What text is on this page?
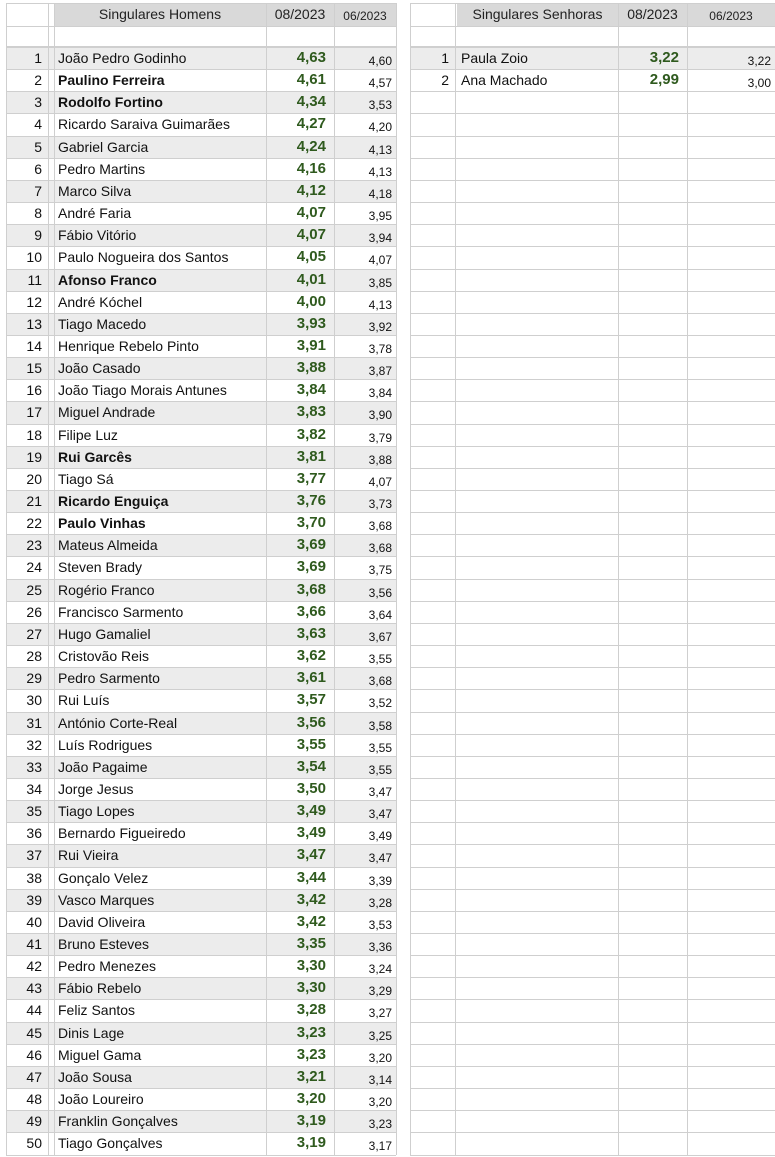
Singulares Homens	08/2023	06/2023	Singulares Senhoras	08/2023	06/2023
1	João Pedro Godinho	4,63	4,60
2	Paulino Ferreira	4,61	4,57
3	Rodolfo Fortino	4,34	3,53
4	Ricardo Saraiva Guimarães	4,27	4,20
5	Gabriel Garcia	4,24	4,13
6	Pedro Martins	4,16	4,13
7	Marco Silva	4,12	4,18
8	André Faria	4,07	3,95
9	Fábio Vitório	4,07	3,94
10	Paulo Nogueira dos Santos	4,05	4,07
11	Afonso Franco	4,01	3,85
12	André Kóchel	4,00	4,13
13	Tiago Macedo	3,93	3,92
14	Henrique Rebelo Pinto	3,91	3,78
15	João Casado	3,88	3,87
16	João Tiago Morais Antunes	3,84	3,84
17	Miguel Andrade	3,83	3,90
18	Filipe Luz	3,82	3,79
19	Rui Garcês	3,81	3,88
20	Tiago Sá	3,77	4,07
21	Ricardo Enguiça	3,76	3,73
22	Paulo Vinhas	3,70	3,68
23	Mateus Almeida	3,69	3,68
24	Steven Brady	3,69	3,75
25	Rogério Franco	3,68	3,56
26	Francisco Sarmento	3,66	3,64
27	Hugo Gamaliel	3,63	3,67
28	Cristovão Reis	3,62	3,55
29	Pedro Sarmento	3,61	3,68
30	Rui Luís	3,57	3,52
31	António Corte-Real	3,56	3,58
32	Luís Rodrigues	3,55	3,55
33	João Pagaime	3,54	3,55
34	Jorge Jesus	3,50	3,47
35	Tiago Lopes	3,49	3,47
36	Bernardo Figueiredo	3,49	3,49
37	Rui Vieira	3,47	3,47
38	Gonçalo Velez	3,44	3,39
39	Vasco Marques	3,42	3,28
40	David Oliveira	3,42	3,53
41	Bruno Esteves	3,35	3,36
42	Pedro Menezes	3,30	3,24
43	Fábio Rebelo	3,30	3,29
44	Feliz Santos	3,28	3,27
45	Dinis Lage	3,23	3,25
46	Miguel Gama	3,23	3,20
47	João Sousa	3,21	3,14
48	João Loureiro	3,20	3,20
49	Franklin Gonçalves	3,19	3,23
50	Tiago Gonçalves	3,19	3,17
1 Paula Zoio	3,22	3,22
2 Ana Machado	2,99	3,00
